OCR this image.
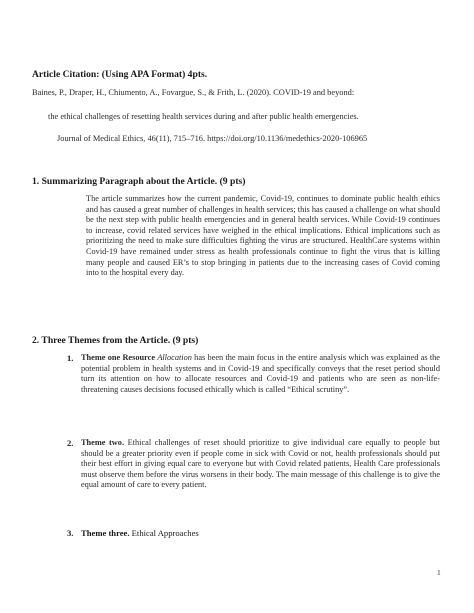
Article Citation: (Using APA Format) 4pts.
Baines, P., Draper, H., Chiumento, A., Fovargue, S., & Frith, L. (2020). COVID-19 and beyond:
the ethical challenges of resetting health services during and after public health emergencies.
Journal of Medical Ethics, 46(11), 715–716. https://doi.org/10.1136/medethics-2020-106965
1. Summarizing Paragraph about the Article. (9 pts)
The article summarizes how the current pandemic, Covid-19, continues to dominate public health ethics and has caused a great number of challenges in health services; this has caused a challenge on what should be the next step with public health emergencies and in general health services. While Covid-19 continues to increase, covid related services have weighed in the ethical implications. Ethical implications such as prioritizing the need to make sure difficulties fighting the virus are structured. HealthCare systems within Covid-19 have remained under stress as health professionals continue to fight the virus that is killing many people and caused ER’s to stop bringing in patients due to the increasing cases of Covid coming into to the hospital every day.
2. Three Themes from the Article. (9 pts)
1. Theme one Resource Allocation has been the main focus in the entire analysis which was explained as the potential problem in health systems and in Covid-19 and specifically conveys that the reset period should turn its attention on how to allocate resources and Covid-19 and patients who are seen as non-life-threatening causes decisions focused ethically which is called “Ethical scrutiny”.
2. Theme two. Ethical challenges of reset should prioritize to give individual care equally to people but should be a greater priority even if people come in sick with Covid or not, health professionals should put their best effort in giving equal care to everyone but with Covid related patients, Health Care professionals must observe them before the virus worsens in their body. The main message of this challenge is to give the equal amount of care to every patient.
3. Theme three. Ethical Approaches
1
